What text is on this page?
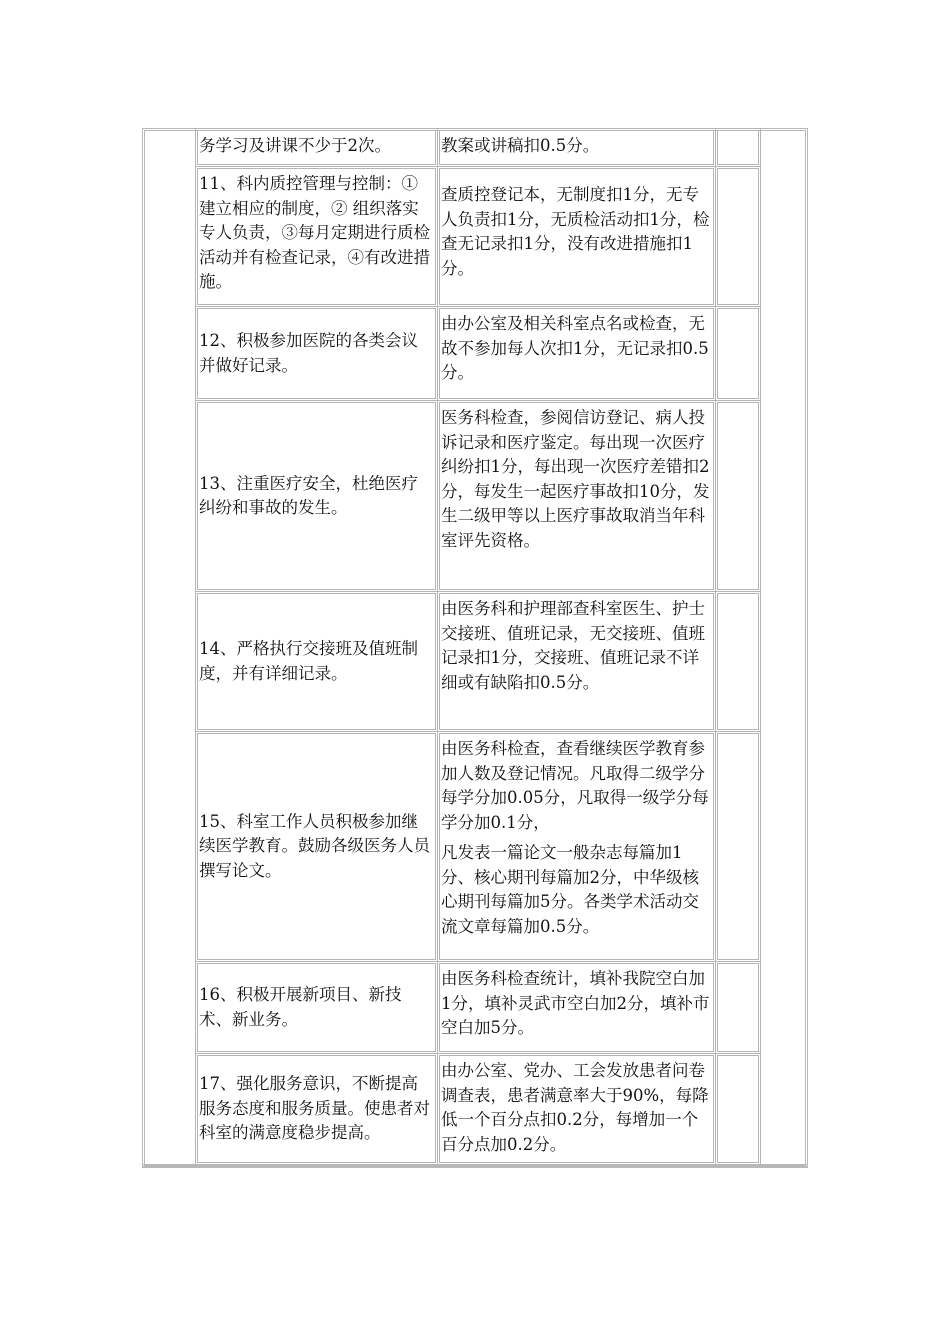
务学习及讲课不少于2次。	教案或讲稿扣0.5分。
11、科内质控管理与控制：①建立相应的制度，② 组织落实专人负责，③每月定期进行质检活动并有检查记录，④有改进措施。
查质控登记本，无制度扣1分，无专人负责扣1分，无质检活动扣1分，检查无记录扣1分，没有改进措施扣1分。
12、积极参加医院的各类会议并做好记录。
由办公室及相关科室点名或检查，无故不参加每人次扣1分，无记录扣0.5分。
13、注重医疗安全，杜绝医疗纠纷和事故的发生。
医务科检查，参阅信访登记、病人投诉记录和医疗鉴定。每出现一次医疗纠纷扣1分，每出现一次医疗差错扣2分，每发生一起医疗事故扣10分，发生二级甲等以上医疗事故取消当年科室评先资格。
14、严格执行交接班及值班制度，并有详细记录。
由医务科和护理部查科室医生、护士交接班、值班记录，无交接班、值班记录扣1分，交接班、值班记录不详细或有缺陷扣0.5分。
15、科室工作人员积极参加继续医学教育。鼓励各级医务人员撰写论文。
由医务科检查，查看继续医学教育参加人数及登记情况。凡取得二级学分每学分加0.05分，凡取得一级学分每学分加0.1分，
凡发表一篇论文一般杂志每篇加1分、核心期刊每篇加2分，中华级核心期刊每篇加5分。各类学术活动交流文章每篇加0.5分。
16、积极开展新项目、新技术、新业务。
由医务科检查统计，填补我院空白加1分，填补灵武市空白加2分，填补市空白加5分。
17、强化服务意识，不断提高服务态度和服务质量。使患者对科室的满意度稳步提高。
由办公室、党办、工会发放患者问卷调查表，患者满意率大于90%，每降低一个百分点扣0.2分，每增加一个百分点加0.2分。
